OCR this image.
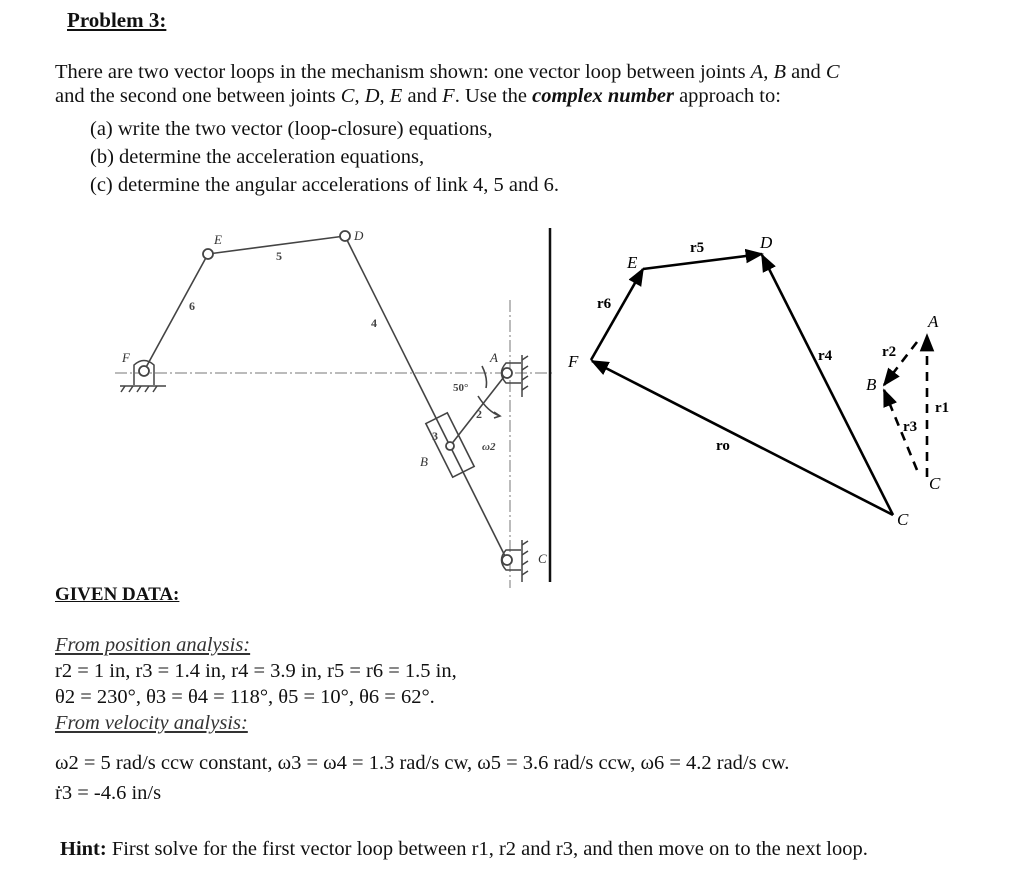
Problem 3:
There are two vector loops in the mechanism shown: one vector loop between joints A, B and C
and the second one between joints C, D, E and F. Use the complex number approach to:
(a) write the two vector (loop-closure) equations,
(b) determine the acceleration equations,
(c) determine the angular accelerations of link 4, 5 and 6.
E	D
F	A
B
C
2
3
4
5
6
50°
ω2
D
E
F
C
A
B
C
r5
r6
r4
ro
r2
r1
r3
GIVEN DATA:
From position analysis:
r2 = 1 in, r3 = 1.4 in, r4 = 3.9 in, r5 = r6 = 1.5 in,
θ2 = 230°, θ3 = θ4 = 118°, θ5 = 10°, θ6 = 62°.
From velocity analysis:
ω2 = 5 rad/s ccw constant, ω3 = ω4 = 1.3 rad/s cw, ω5 = 3.6 rad/s ccw, ω6 = 4.2 rad/s cw.
ṙ3 = -4.6 in/s
Hint: First solve for the first vector loop between r1, r2 and r3, and then move on to the next loop.
